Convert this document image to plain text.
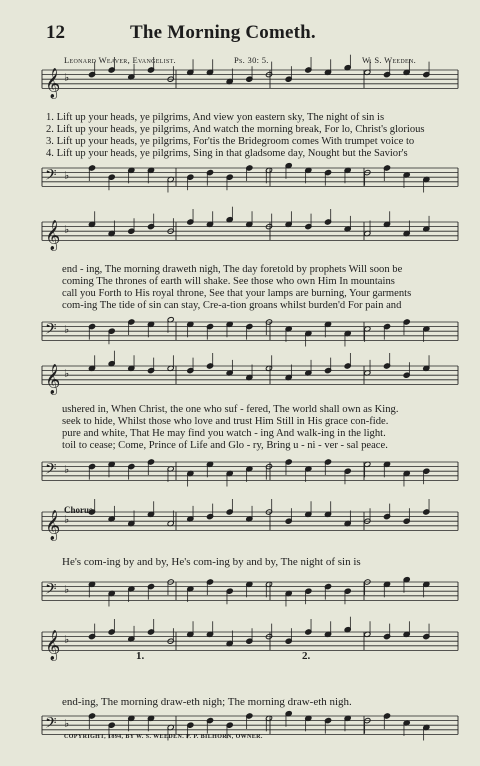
12	The Morning Cometh.
Leonard Weaver, Evangelist.	Ps. 30: 5.	W. S. Weeden.
𝄞 ♭
𝄢 ♭
𝄞 ♭
𝄢 ♭
𝄞 ♭
𝄢 ♭
𝄞 ♭
𝄢 ♭
𝄞 ♭
𝄢 ♭
1. Lift up your heads, ye pilgrims, And view yon eastern sky, The night of sin is
2. Lift up your heads, ye pilgrims, And watch the morning break, For lo, Christ's glorious
3. Lift up your heads, ye pilgrims, For'tis the Bridegroom comes With trumpet voice to
4. Lift up your heads, ye pilgrims, Sing in that gladsome day, Nought but the Savior's
end - ing, The morning draweth nigh, The day foretold by prophets Will soon be
coming The thrones of earth will shake. See those who own Him In mountains
call you Forth to His royal throne, See that your lamps are burning, Your garments
com-ing The tide of sin can stay, Cre-a-tion groans whilst burden'd For pain and
ushered in, When Christ, the one who suf - fered, The world shall own as King.
seek to hide, Whilst those who love and trust Him Still in His grace con-fide.
pure and white, That He may find you watch - ing And walk-ing in the light.
toil to cease; Come, Prince of Life and Glo - ry, Bring u - ni - ver - sal peace.
Chorus.
He's com-ing by and by, He's com-ing by and by, The night of sin is
end-ing, The morning draw-eth nigh; The morning draw-eth nigh.
1.	2.
COPYRIGHT, 1894, BY W. S. WEEDEN. P. P. BILHORN, OWNER.
